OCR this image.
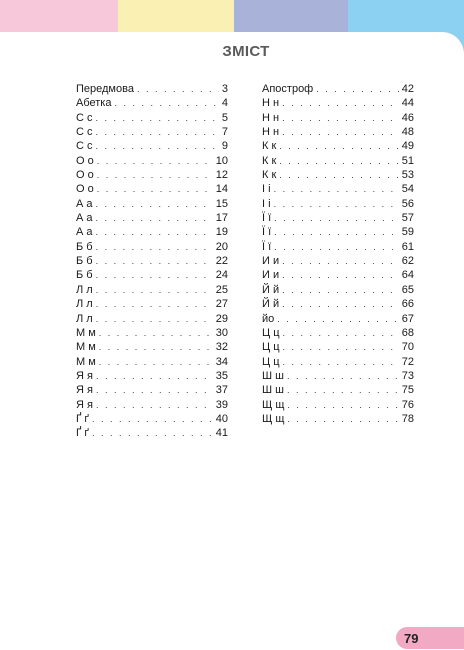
ЗМІСТ
Передмова . . .	3
Абетка . . .	4
С с . . .	5
С с . . .	7
С с . . .	9
О о . . .	10
О о . . .	12
О о . . .	14
А а . . .	15
А а . . .	17
А а . . .	19
Б б . . .	20
Б б . . .	22
Б б . . .	24
Л л . . .	25
Л л . . .	27
Л л . . .	29
М м . . .	30
М м . . .	32
М м . . .	34
Я я . . .	35
Я я . . .	37
Я я . . .	39
Ґ ґ . . .	40
Ґ ґ . . .	41
Апостроф . . .	42
Н н . . .	44
Н н . . .	46
Н н . . .	48
К к . . .	49
К к . . .	51
К к . . .	53
І і . . .	54
І і . . .	56
Ї ї . . .	57
Ї ї . . .	59
Ї ї . . .	61
И и . . .	62
И и . . .	64
Й й . . .	65
Й й . . .	66
йо . . .	67
Ц ц . . .	68
Ц ц . . .	70
Ц ц . . .	72
Ш ш . . .	73
Ш ш . . .	75
Щ щ . . .	76
Щ щ . . .	78
79
